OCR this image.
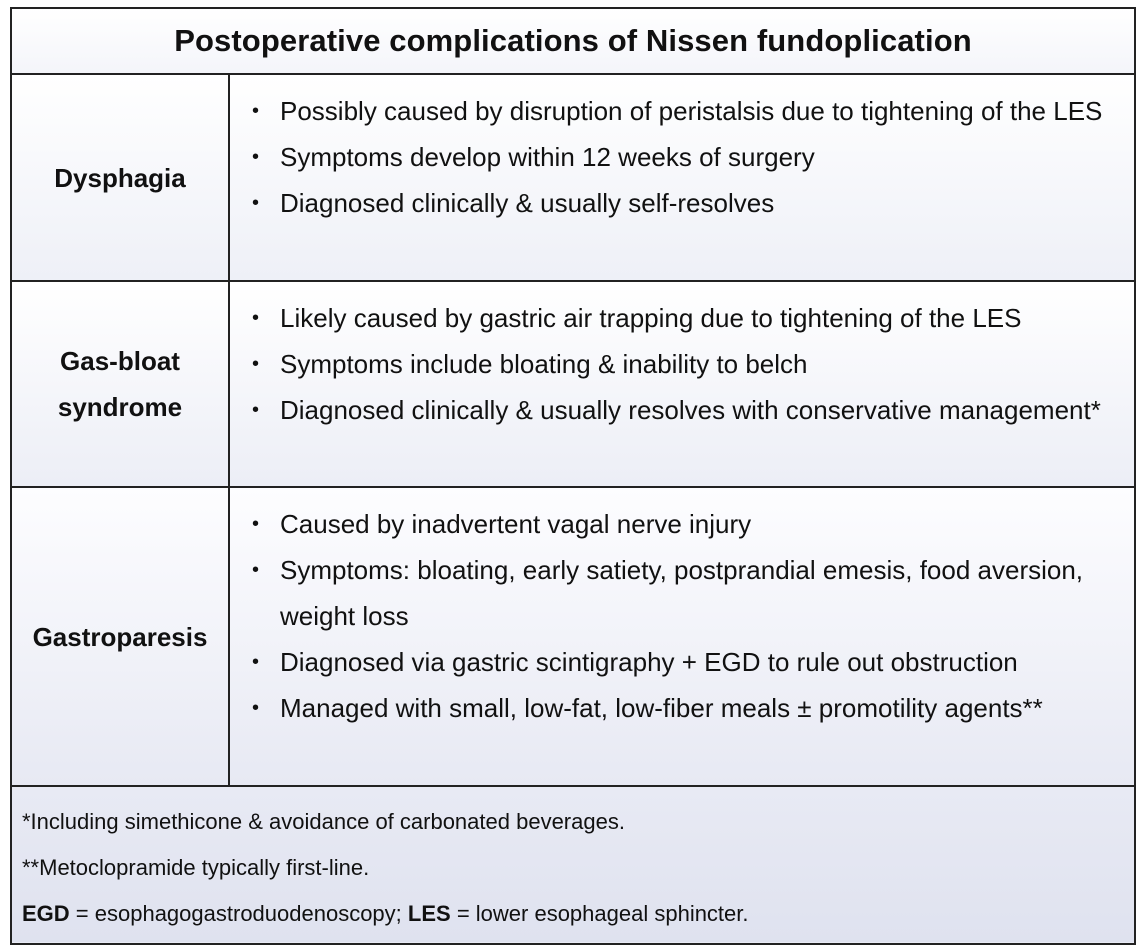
Postoperative complications of Nissen fundoplication
Dysphagia
• Possibly caused by disruption of peristalsis due to tightening of the LES
• Symptoms develop within 12 weeks of surgery
• Diagnosed clinically & usually self-resolves
Gas-bloat syndrome
• Likely caused by gastric air trapping due to tightening of the LES
• Symptoms include bloating & inability to belch
• Diagnosed clinically & usually resolves with conservative management*
Gastroparesis
• Caused by inadvertent vagal nerve injury
• Symptoms: bloating, early satiety, postprandial emesis, food aversion, weight loss
• Diagnosed via gastric scintigraphy + EGD to rule out obstruction
• Managed with small, low-fat, low-fiber meals ± promotility agents**

*Including simethicone & avoidance of carbonated beverages.

**Metoclopramide typically first-line.

EGD = esophagogastroduodenoscopy; LES = lower esophageal sphincter.
